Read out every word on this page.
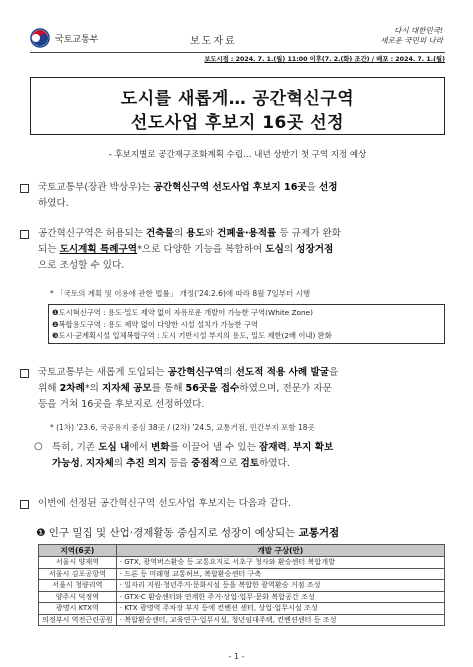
국토교통부	보도자료
다시 대한민국!
새로운 국민의 나라
보도시점 : 2024. 7. 1.(월) 11:00 이후(7. 2.(화) 조간) / 배포 : 2024. 7. 1.(월)
도시를 새롭게… 공간혁신구역
선도사업 후보지 16곳 선정
- 후보지별로 공간재구조화계획 수립… 내년 상반기 첫 구역 지정 예상
국토교통부(장관 박상우)는 공간혁신구역 선도사업 후보지 16곳을 선정
하였다.
공간혁신구역은 허용되는 건축물의 용도와 건폐율·용적률 등 규제가 완화
되는 도시계획 특례구역*으로 다양한 기능을 복합하여 도심의 성장거점
으로 조성할 수 있다.
* 「국토의 계획 및 이용에 관한 법률」 개정('24.2.6)에 따라 8월 7일부터 시행
❶도시혁신구역 : 용도·밀도 제약 없이 자유로운 개발이 가능한 구역(White Zone)
❷복합용도구역 : 용도 제약 없이 다양한 시설 설치가 가능한 구역
❸도시·군계획시설 입체복합구역 : 도시 기반시설 부지의 용도, 밀도 제한(2배 이내) 완화
국토교통부는 새롭게 도입되는 공간혁신구역의 선도적 적용 사례 발굴을
위해 2차례*의 지자체 공모를 통해 56곳을 접수하였으며, 전문가 자문
등을 거쳐 16곳을 후보지로 선정하였다.
* (1차) '23.6, 국공유지 중심 38곳 / (2차) '24.5, 교통거점, 민간부지 포함 18곳
○ 특히, 기존 도심 내에서 변화를 이끌어 낼 수 있는 잠재력, 부지 확보
가능성, 지자체의 추진 의지 등을 중점적으로 검토하였다.
이번에 선정된 공간혁신구역 선도사업 후보지는 다음과 같다.
❶ 인구 밀집 및 산업·경제활동 중심지로 성장이 예상되는 교통거점
지역(6곳)	개발 구상(안)
서울시 양재역	· GTX, 광역버스환승 등 교통요지로 서초구 청사와 환승센터 복합개발
서울시 김포공항역	· 드론 등 미래형 교통허브, 복합환승센터 구축
서울시 청량리역	· 일자리 지원·청년주거·문화시설 등을 복합한 광역환승 거점 조성
양주시 덕정역	· GTX-C 환승센터와 연계한 주거·상업·업무·문화 복합공간 조성
광명시 KTX역	· KTX 광명역 주차장 부지 등에 컨벤션 센터, 상업·업무시설 조성
의정부시 역전근린공원	· 복합환승센터, 교육연구·업무시설, 청년임대주택, 컨벤션센터 등 조성
- 1 -
